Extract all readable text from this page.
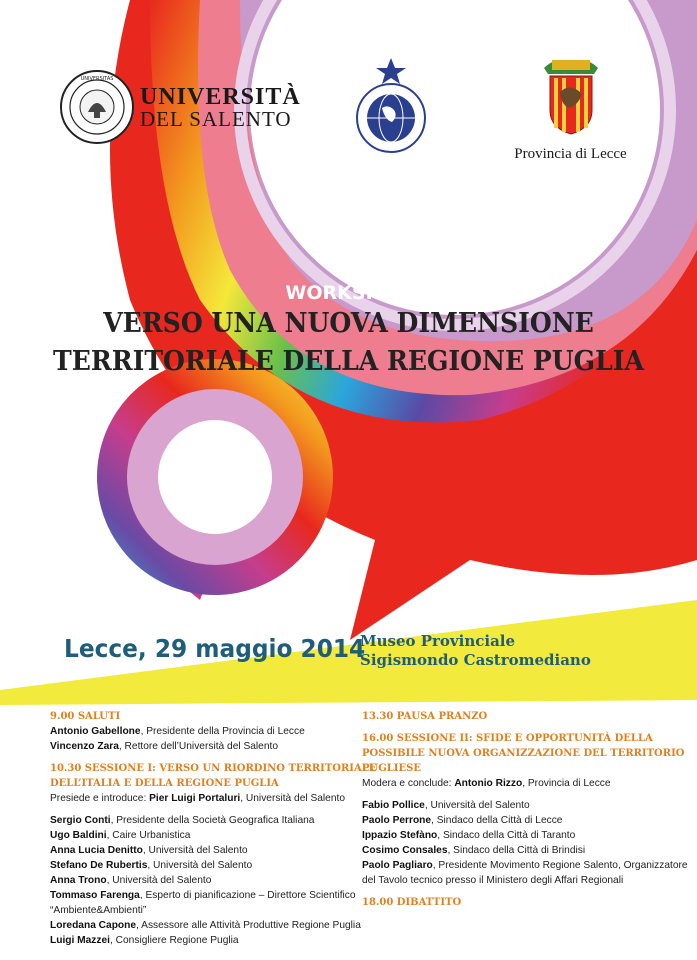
UNIVERSITAS
UNIVERSITÀ
DEL SALENTO
Provincia di Lecce
WORKSHOP
VERSO UNA NUOVA DIMENSIONE
TERRITORIALE DELLA REGIONE PUGLIA
Lecce, 29 maggio 2014
Museo Provinciale
Sigismondo Castromediano
9.00 SALUTI
Antonio Gabellone, Presidente della Provincia di Lecce
Vincenzo Zara, Rettore dell’Università del Salento
10.30 SESSIONE I: VERSO UN RIORDINO TERRITORIALE
DELL’ITALIA E DELLA REGIONE PUGLIA
Presiede e introduce: Pier Luigi Portaluri, Università del Salento
Sergio Conti, Presidente della Società Geografica Italiana
Ugo Baldini, Caire Urbanistica
Anna Lucia Denitto, Università del Salento
Stefano De Rubertis, Università del Salento
Anna Trono, Università del Salento
Tommaso Farenga, Esperto di pianificazione – Direttore Scientifico
“Ambiente&Ambienti”
Loredana Capone, Assessore alle Attività Produttive Regione Puglia
Luigi Mazzei, Consigliere Regione Puglia
13.30 PAUSA PRANZO
16.00 SESSIONE II: SFIDE E OPPORTUNITÀ DELLA
POSSIBILE NUOVA ORGANIZZAZIONE DEL TERRITORIO
PUGLIESE
Modera e conclude: Antonio Rizzo, Provincia di Lecce
Fabio Pollice, Università del Salento
Paolo Perrone, Sindaco della Città di Lecce
Ippazio Stefàno, Sindaco della Città di Taranto
Cosimo Consales, Sindaco della Città di Brindisi
Paolo Pagliaro, Presidente Movimento Regione Salento, Organizzatore
del Tavolo tecnico presso il Ministero degli Affari Regionali
18.00 DIBATTITO
